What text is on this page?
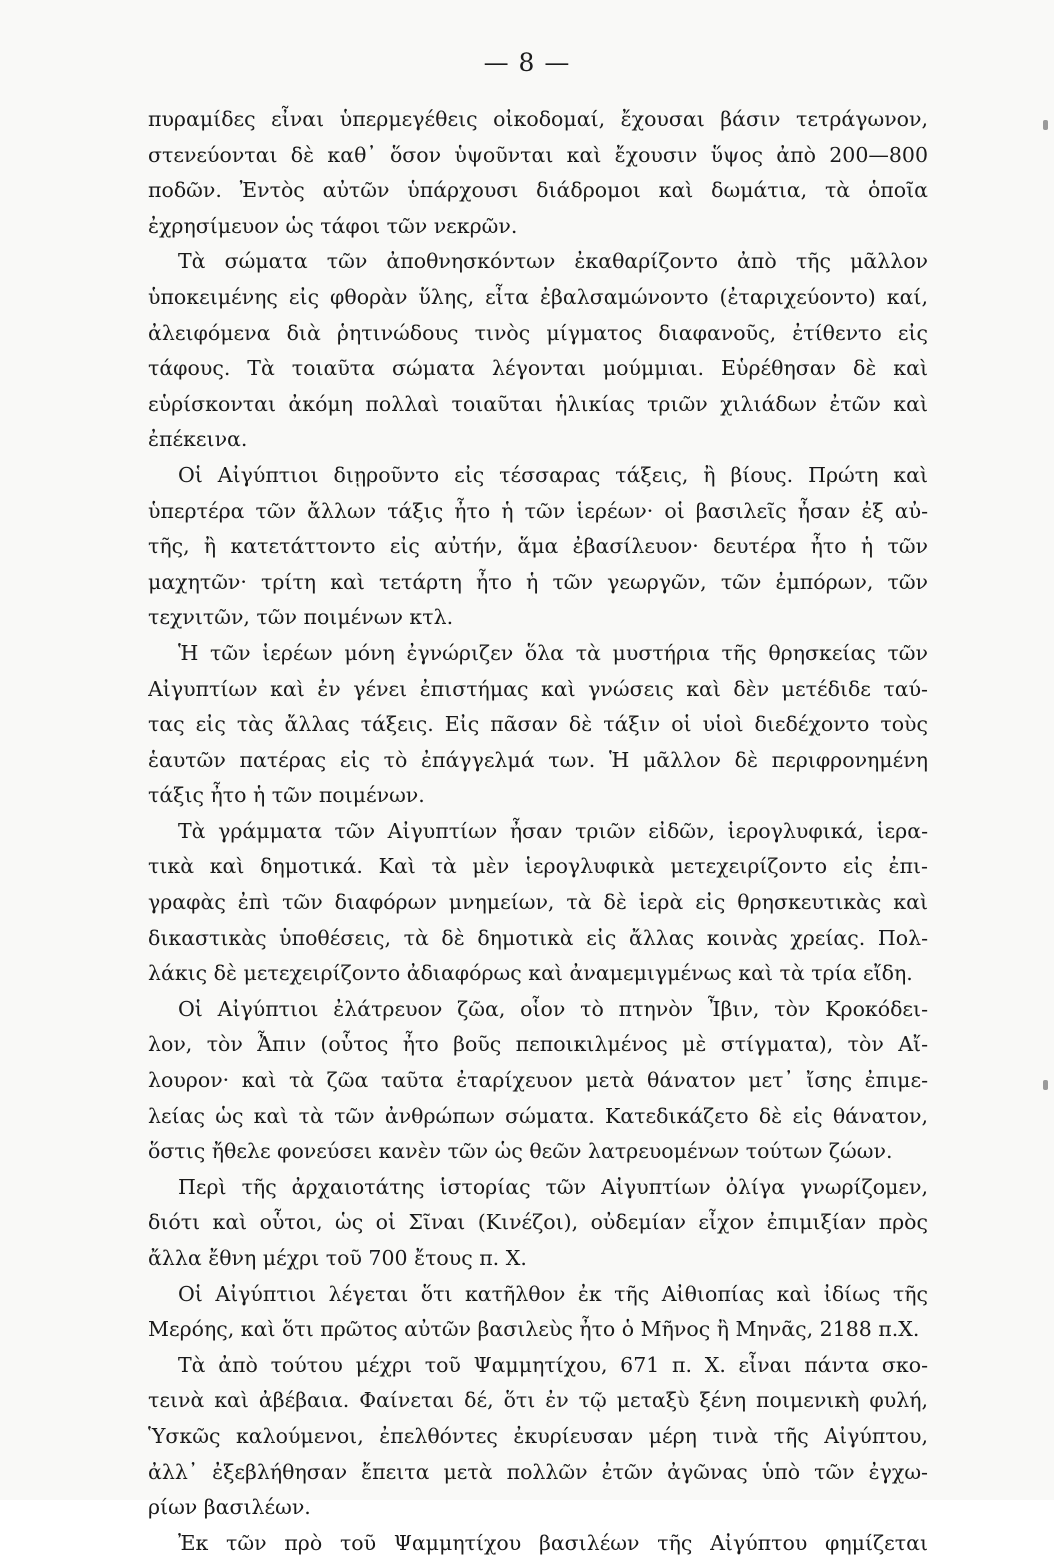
— 8 —
πυραμίδες εἶναι ὑπερμεγέθεις οἰκοδομαί, ἔχουσαι βάσιν τετράγωνον,
στενεύονται δὲ καθ᾽ ὅσον ὑψοῦνται καὶ ἔχουσιν ὕψος ἀπὸ 200—800
ποδῶν. Ἐντὸς αὐτῶν ὑπάρχουσι διάδρομοι καὶ δωμάτια, τὰ ὁποῖα
ἐχρησίμευον ὡς τάφοι τῶν νεκρῶν.
Τὰ σώματα τῶν ἀποθνησκόντων ἐκαθαρίζοντο ἀπὸ τῆς μᾶλλον
ὑποκειμένης εἰς φθορὰν ὕλης, εἶτα ἐβαλσαμώνοντο (ἐταριχεύοντο) καί,
ἀλειφόμενα διὰ ῥητινώδους τινὸς μίγματος διαφανοῦς, ἐτίθεντο εἰς
τάφους. Τὰ τοιαῦτα σώματα λέγονται μούμμιαι. Εὑρέθησαν δὲ καὶ
εὑρίσκονται ἀκόμη πολλαὶ τοιαῦται ἡλικίας τριῶν χιλιάδων ἐτῶν καὶ
ἐπέκεινα.
Οἱ Αἰγύπτιοι διῃροῦντο εἰς τέσσαρας τάξεις, ἢ βίους. Πρώτη καὶ
ὑπερτέρα τῶν ἄλλων τάξις ἦτο ἡ τῶν ἱερέων· οἱ βασιλεῖς ἦσαν ἐξ αὐ-
τῆς, ἢ κατετάττοντο εἰς αὐτήν, ἅμα ἐβασίλευον· δευτέρα ἦτο ἡ τῶν
μαχητῶν· τρίτη καὶ τετάρτη ἦτο ἡ τῶν γεωργῶν, τῶν ἐμπόρων, τῶν
τεχνιτῶν, τῶν ποιμένων κτλ.
Ἡ τῶν ἱερέων μόνη ἐγνώριζεν ὅλα τὰ μυστήρια τῆς θρησκείας τῶν
Αἰγυπτίων καὶ ἐν γένει ἐπιστήμας καὶ γνώσεις καὶ δὲν μετέδιδε ταύ-
τας εἰς τὰς ἄλλας τάξεις. Εἰς πᾶσαν δὲ τάξιν οἱ υἱοὶ διεδέχοντο τοὺς
ἑαυτῶν πατέρας εἰς τὸ ἐπάγγελμά των. Ἡ μᾶλλον δὲ περιφρονημένη
τάξις ἦτο ἡ τῶν ποιμένων.
Τὰ γράμματα τῶν Αἰγυπτίων ἦσαν τριῶν εἰδῶν, ἱερογλυφικά, ἱερα-
τικὰ καὶ δημοτικά. Καὶ τὰ μὲν ἱερογλυφικὰ μετεχειρίζοντο εἰς ἐπι-
γραφὰς ἐπὶ τῶν διαφόρων μνημείων, τὰ δὲ ἱερὰ εἰς θρησκευτικὰς καὶ
δικαστικὰς ὑποθέσεις, τὰ δὲ δημοτικὰ εἰς ἄλλας κοινὰς χρείας. Πολ-
λάκις δὲ μετεχειρίζοντο ἀδιαφόρως καὶ ἀναμεμιγμένως καὶ τὰ τρία εἴδη.
Οἱ Αἰγύπτιοι ἐλάτρευον ζῶα, οἷον τὸ πτηνὸν Ἶβιν, τὸν Κροκόδει-
λον, τὸν Ἆπιν (οὗτος ἦτο βοῦς πεποικιλμένος μὲ στίγματα), τὸν Αἴ-
λουρον· καὶ τὰ ζῶα ταῦτα ἐταρίχευον μετὰ θάνατον μετ᾽ ἴσης ἐπιμε-
λείας ὡς καὶ τὰ τῶν ἀνθρώπων σώματα. Κατεδικάζετο δὲ εἰς θάνατον,
ὅστις ἤθελε φονεύσει κανὲν τῶν ὡς θεῶν λατρευομένων τούτων ζώων.
Περὶ τῆς ἀρχαιοτάτης ἱστορίας τῶν Αἰγυπτίων ὀλίγα γνωρίζομεν,
διότι καὶ οὗτοι, ὡς οἱ Σῖναι (Κινέζοι), οὐδεμίαν εἶχον ἐπιμιξίαν πρὸς
ἄλλα ἔθνη μέχρι τοῦ 700 ἔτους π. Χ.
Οἱ Αἰγύπτιοι λέγεται ὅτι κατῆλθον ἐκ τῆς Αἰθιοπίας καὶ ἰδίως τῆς
Μερόης, καὶ ὅτι πρῶτος αὐτῶν βασιλεὺς ἦτο ὁ Μῆνος ἢ Μηνᾶς, 2188 π.Χ.
Τὰ ἀπὸ τούτου μέχρι τοῦ Ψαμμητίχου, 671 π. Χ. εἶναι πάντα σκο-
τεινὰ καὶ ἀβέβαια. Φαίνεται δέ, ὅτι ἐν τῷ μεταξὺ ξένη ποιμενικὴ φυλή,
Ὑσκῶς καλούμενοι, ἐπελθόντες ἐκυρίευσαν μέρη τινὰ τῆς Αἰγύπτου,
ἀλλ᾽ ἐξεβλήθησαν ἔπειτα μετὰ πολλῶν ἐτῶν ἀγῶνας ὑπὸ τῶν ἐγχω-
ρίων βασιλέων.
Ἐκ τῶν πρὸ τοῦ Ψαμμητίχου βασιλέων τῆς Αἰγύπτου φημίζεται
